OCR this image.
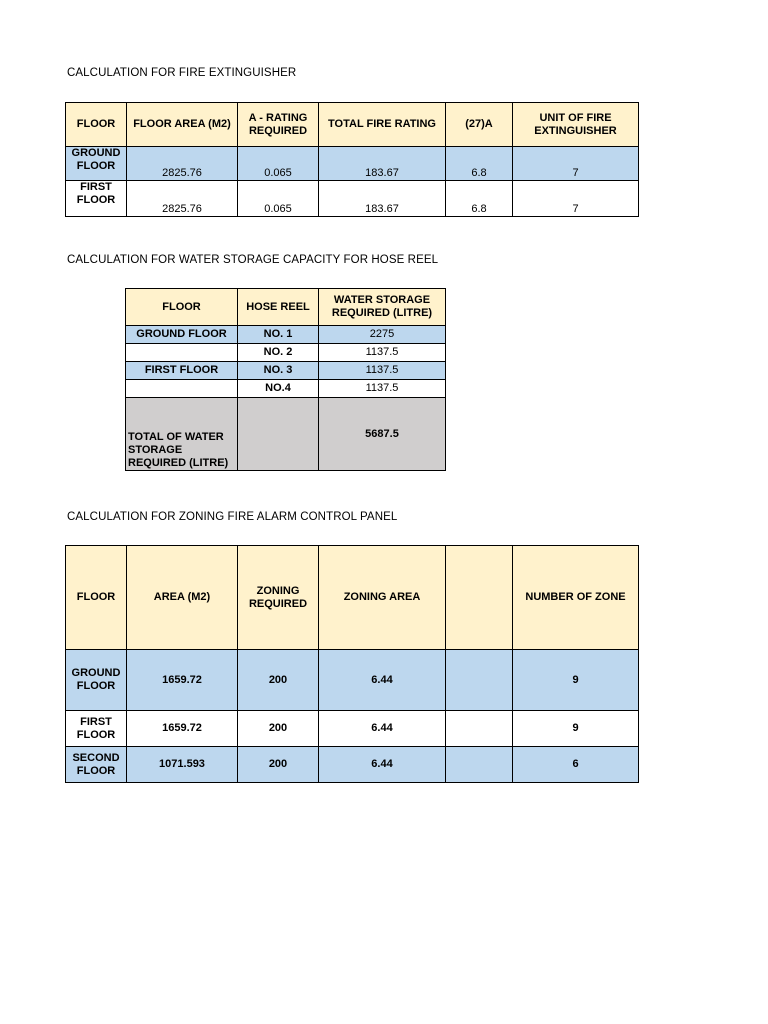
CALCULATION FOR FIRE EXTINGUISHER
FLOOR	FLOOR AREA (M2)	A - RATING REQUIRED	TOTAL FIRE RATING	(27)A	UNIT OF FIRE EXTINGUISHER
GROUND FLOOR	2825.76	0.065	183.67	6.8	7
FIRST FLOOR	2825.76	0.065	183.67	6.8	7
CALCULATION FOR WATER STORAGE CAPACITY FOR HOSE REEL
FLOOR	HOSE REEL	WATER STORAGE REQUIRED (LITRE)
GROUND FLOOR	NO. 1	2275
	NO. 2	1137.5
FIRST FLOOR	NO. 3	1137.5
	NO.4	1137.5
TOTAL OF WATER STORAGE REQUIRED (LITRE)		5687.5
CALCULATION FOR ZONING FIRE ALARM CONTROL PANEL
FLOOR	AREA (M2)	ZONING REQUIRED	ZONING AREA		NUMBER OF ZONE
GROUND FLOOR	1659.72	200	6.44		9
FIRST FLOOR	1659.72	200	6.44		9
SECOND FLOOR	1071.593	200	6.44		6
